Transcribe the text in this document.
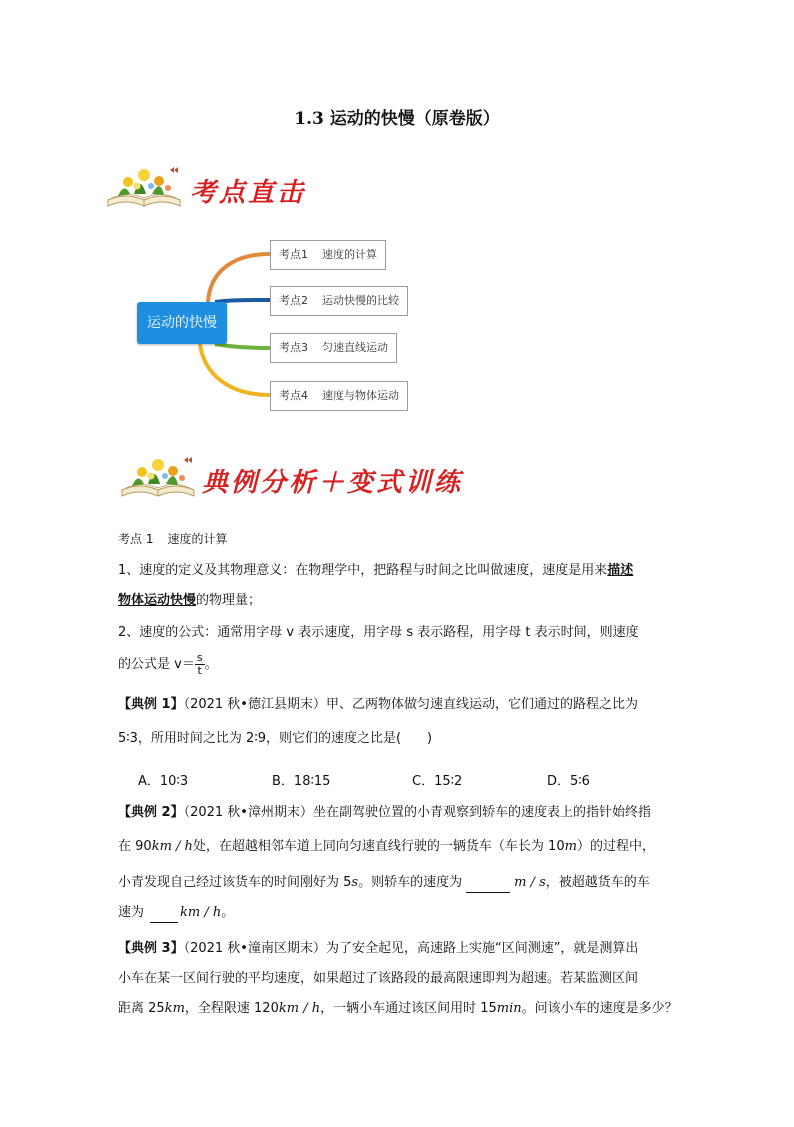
1.3 运动的快慢（原卷版）
考点直击
运动的快慢
考点1 速度的计算
考点2 运动快慢的比较
考点3 匀速直线运动
考点4 速度与物体运动
典例分析＋变式训练
考点 1 速度的计算
1、速度的定义及其物理意义：在物理学中，把路程与时间之比叫做速度，速度是用来描述
物体运动快慢的物理量；
2、速度的公式：通常用字母 v 表示速度，用字母 s 表示路程，用字母 t 表示时间，则速度
的公式是 $v= \frac{s}{t}$ 。
【典例 1】（2021 秋•德江县期末）甲、乙两物体做匀速直线运动，它们通过的路程之比为
5∶3，所用时间之比为 2∶9，则它们的速度之比是(　　)
A．10∶3	B．18∶15	C．15∶2	D．5∶6
【典例 2】（2021 秋•漳州期末）坐在副驾驶位置的小青观察到轿车的速度表上的指针始终指
在 90km / h处，在超越相邻车道上同向匀速直线行驶的一辆货车（车长为 10m）的过程中，
小青发现自己经过该货车的时间刚好为 5s。则轿车的速度为	m / s，被超越货车的车
速为	km / h。
【典例 3】（2021 秋•潼南区期末）为了安全起见，高速路上实施“区间测速”，就是测算出
小车在某一区间行驶的平均速度，如果超过了该路段的最高限速即判为超速。若某监测区间
距离 25km，全程限速 120km / h，一辆小车通过该区间用时 15min。问该小车的速度是多少？
